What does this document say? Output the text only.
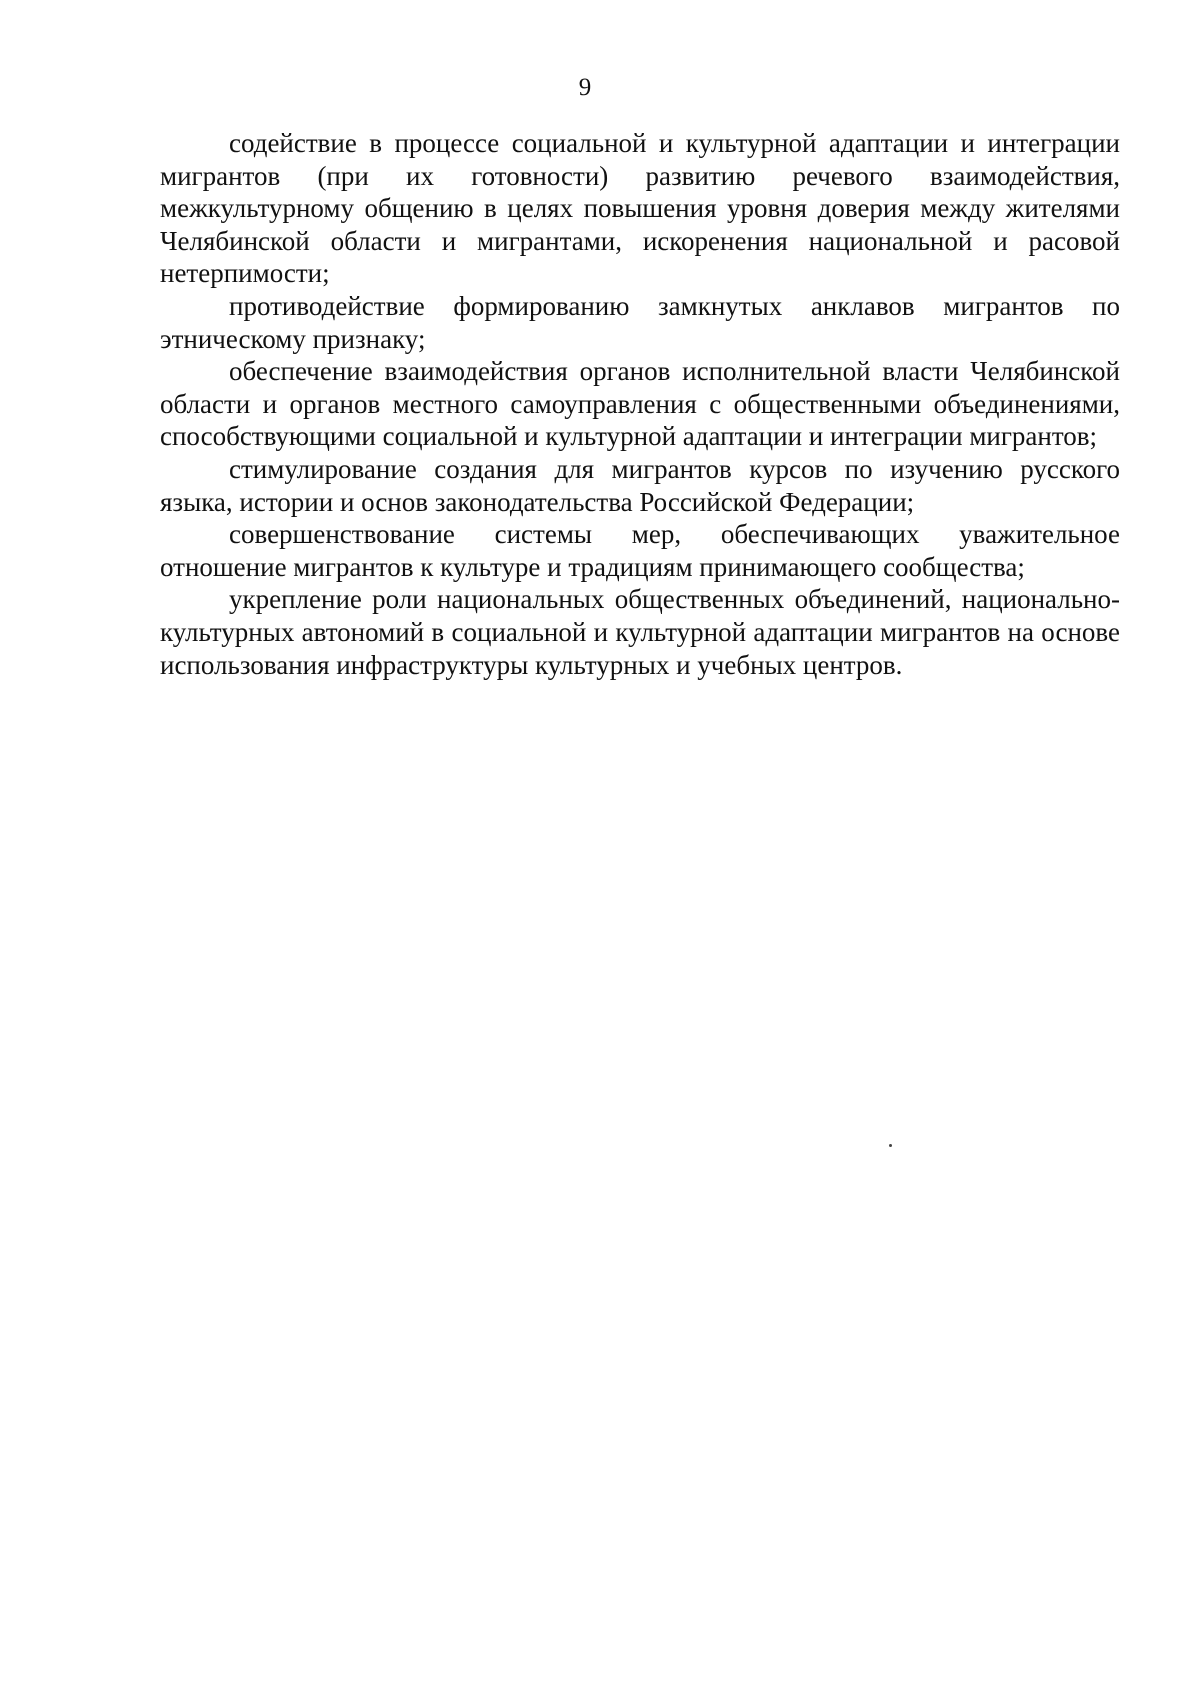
9

содействие в процессе социальной и культурной адаптации и интеграции мигрантов (при их готовности) развитию речевого взаимодействия, межкультурному общению в целях повышения уровня доверия между жителями Челябинской области и мигрантами, искоренения национальной и расовой нетерпимости;

противодействие формированию замкнутых анклавов мигрантов по этническому признаку;

обеспечение взаимодействия органов исполнительной власти Челябинской области и органов местного самоуправления с общественными объединениями, способствующими социальной и культурной адаптации и интеграции мигрантов;

стимулирование создания для мигрантов курсов по изучению русского языка, истории и основ законодательства Российской Федерации;

совершенствование системы мер, обеспечивающих уважительное отношение мигрантов к культуре и традициям принимающего сообщества;

укрепление роли национальных общественных объединений, национально-культурных автономий в социальной и культурной адаптации мигрантов на основе использования инфраструктуры культурных и учебных центров.
